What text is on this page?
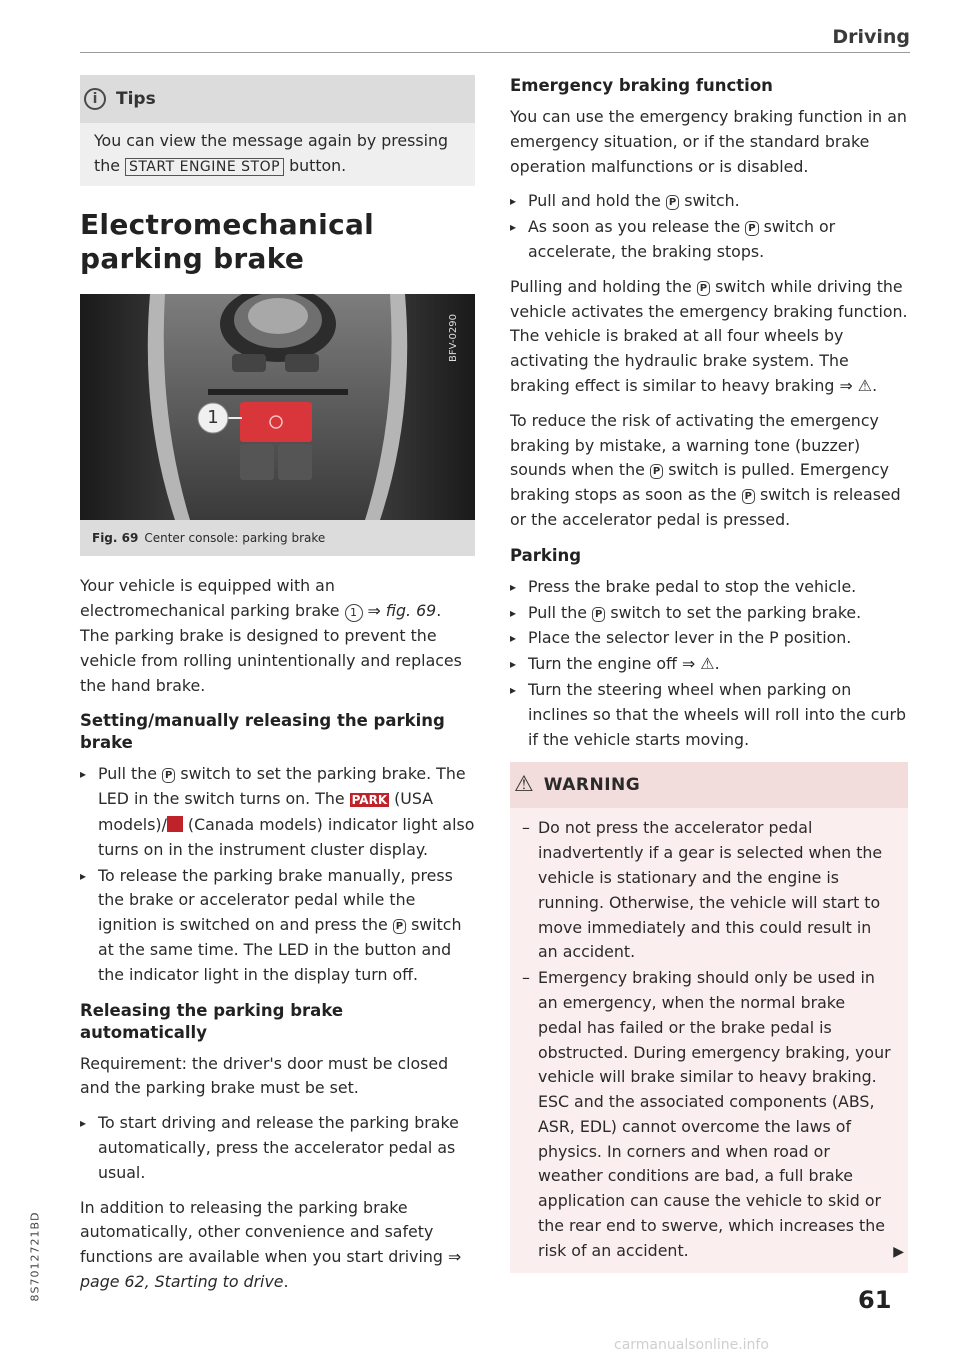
Driving
8S7012721BD
i	Tips
You can view the message again by pressing the START ENGINE STOP button.
Electromechanical parking brake
1
BFV-0290
Fig. 69 Center console: parking brake

Your vehicle is equipped with an electromechanical parking brake 1 ⇒ fig. 69. The parking brake is designed to prevent the vehicle from rolling unintentionally and replaces the hand brake.

Setting/manually releasing the parking brake
▸ Pull the P switch to set the parking brake. The LED in the switch turns on. The PARK (USA models)/ (Canada models) indicator light also turns on in the instrument cluster display.
▸ To release the parking brake manually, press the brake or accelerator pedal while the ignition is switched on and press the P switch at the same time. The LED in the button and the indicator light in the display turn off.
Releasing the parking brake automatically

Requirement: the driver's door must be closed and the parking brake must be set.

▸ To start driving and release the parking brake automatically, press the accelerator pedal as usual.

In addition to releasing the parking brake automatically, other convenience and safety functions are available when you start driving ⇒ page 62, Starting to drive.

Emergency braking function

You can use the emergency braking function in an emergency situation, or if the standard brake operation malfunctions or is disabled.

▸ Pull and hold the P switch.
▸ As soon as you release the P switch or accelerate, the braking stops.

Pulling and holding the P switch while driving the vehicle activates the emergency braking function. The vehicle is braked at all four wheels by activating the hydraulic brake system. The braking effect is similar to heavy braking ⇒ ⚠.

To reduce the risk of activating the emergency braking by mistake, a warning tone (buzzer) sounds when the P switch is pulled. Emergency braking stops as soon as the P switch is released or the accelerator pedal is pressed.

Parking
▸ Press the brake pedal to stop the vehicle.
▸ Pull the P switch to set the parking brake.
▸ Place the selector lever in the P position.
▸ Turn the engine off ⇒ ⚠.
▸ Turn the steering wheel when parking on inclines so that the wheels will roll into the curb if the vehicle starts moving.
⚠ WARNING
– Do not press the accelerator pedal inadvertently if a gear is selected when the vehicle is stationary and the engine is running. Otherwise, the vehicle will start to move immediately and this could result in an accident.
– Emergency braking should only be used in an emergency, when the normal brake pedal has failed or the brake pedal is obstructed. During emergency braking, your vehicle will brake similar to heavy braking. ESC and the associated components (ABS, ASR, EDL) cannot overcome the laws of physics. In corners and when road or weather conditions are bad, a full brake application can cause the vehicle to skid or the rear end to swerve, which increases the risk of an accident.	▶
61
carmanualsonline.info
